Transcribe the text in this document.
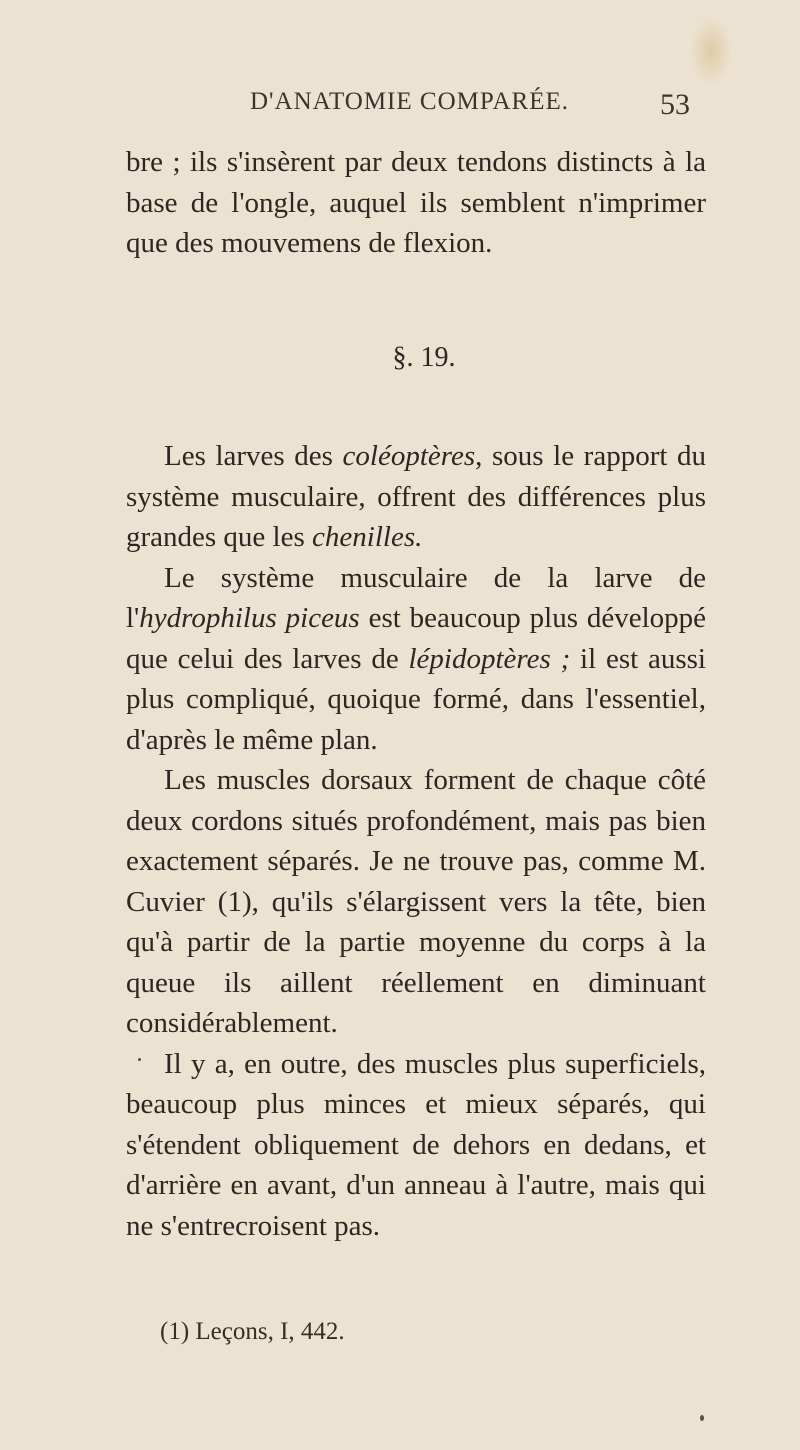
D'ANATOMIE COMPARÉE.	53

bre ; ils s'insèrent par deux tendons distincts à la base de l'ongle, auquel ils semblent n'imprimer que des mouvemens de flexion.

§. 19.

Les larves des coléoptères, sous le rapport du système musculaire, offrent des différences plus grandes que les chenilles.

Le système musculaire de la larve de l'hydrophilus piceus est beaucoup plus développé que celui des larves de lépidoptères ; il est aussi plus compliqué, quoique formé, dans l'essentiel, d'après le même plan.

Les muscles dorsaux forment de chaque côté deux cordons situés profondément, mais pas bien exactement séparés. Je ne trouve pas, comme M. Cuvier (1), qu'ils s'élargissent vers la tête, bien qu'à partir de la partie moyenne du corps à la queue ils aillent réellement en diminuant considérablement.

Il y a, en outre, des muscles plus superficiels, beaucoup plus minces et mieux séparés, qui s'étendent obliquement de dehors en dedans, et d'arrière en avant, d'un anneau à l'autre, mais qui ne s'entrecroisent pas.

(1) Leçons, I, 442.
